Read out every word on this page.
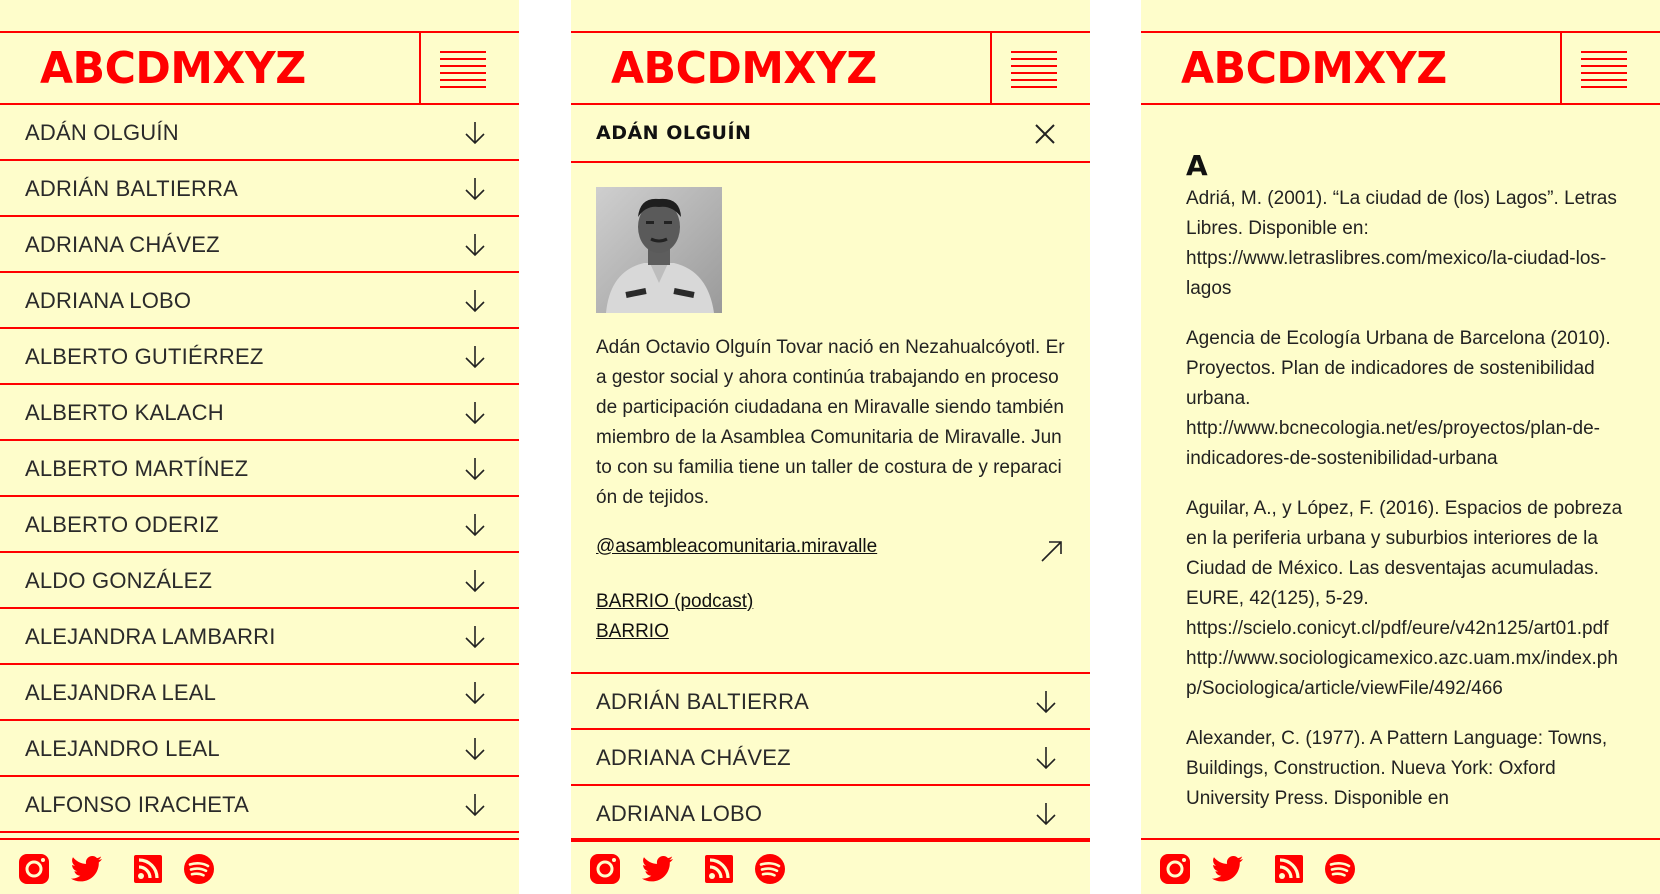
ABCDMXYZ
ADÁN OLGUÍN
ADRIÁN BALTIERRA
ADRIANA CHÁVEZ
ADRIANA LOBO
ALBERTO GUTIÉRREZ
ALBERTO KALACH
ALBERTO MARTÍNEZ
ALBERTO ODERIZ
ALDO GONZÁLEZ
ALEJANDRA LAMBARRI
ALEJANDRA LEAL
ALEJANDRO LEAL
ALFONSO IRACHETA
ABCDMXYZ
ADÁN OLGUÍN
Adán Octavio Olguín Tovar nació en Nezahualcóyotl. Era gestor social y ahora continúa trabajando en proceso de participación ciudadana en Miravalle siendo también miembro de la Asamblea Comunitaria de Miravalle. Junto con su familia tiene un taller de costura de y reparación de tejidos.
@asambleacomunitaria.miravalle
BARRIO (podcast)
BARRIO
ADRIÁN BALTIERRA
ADRIANA CHÁVEZ
ADRIANA LOBO
ABCDMXYZ
A
Adriá, M. (2001). “La ciudad de (los) Lagos”. Letras Libres. Disponible en: https://www.letraslibres.com/mexico/la-ciudad-los-lagos
Agencia de Ecología Urbana de Barcelona (2010). Proyectos. Plan de indicadores de sostenibilidad urbana. http://www.bcnecologia.net/es/proyectos/plan-de-indicadores-de-sostenibilidad-urbana
Aguilar, A., y López, F. (2016). Espacios de pobreza en la periferia urbana y suburbios interiores de la Ciudad de México. Las desventajas acumuladas. EURE, 42(125), 5-29. https://scielo.conicyt.cl/pdf/eure/v42n125/art01.pdf http://www.sociologicamexico.azc.uam.mx/index.php/Sociologica/article/viewFile/492/466
Alexander, C. (1977). A Pattern Language: Towns, Buildings, Construction. Nueva York: Oxford University Press. Disponible en
